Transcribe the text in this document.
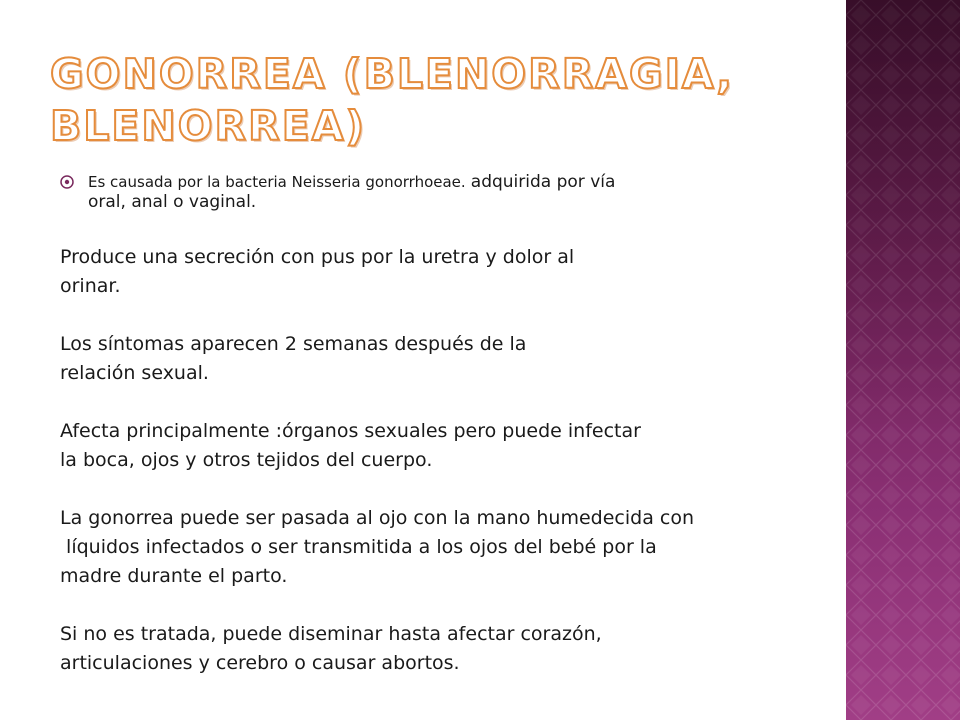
GONORREA (BLENORRAGIA,
BLENORREA)
Es causada por la bacteria Neisseria gonorrhoeae. adquirida por vía
oral, anal o vaginal.

Produce una secreción con pus por la uretra y dolor al
orinar.

Los síntomas aparecen 2 semanas después de la
relación sexual.

Afecta principalmente :órganos sexuales pero puede infectar
la boca, ojos y otros tejidos del cuerpo.

La gonorrea puede ser pasada al ojo con la mano humedecida con
líquidos infectados o ser transmitida a los ojos del bebé por la
madre durante el parto.

Si no es tratada, puede diseminar hasta afectar corazón,
articulaciones y cerebro o causar abortos.
